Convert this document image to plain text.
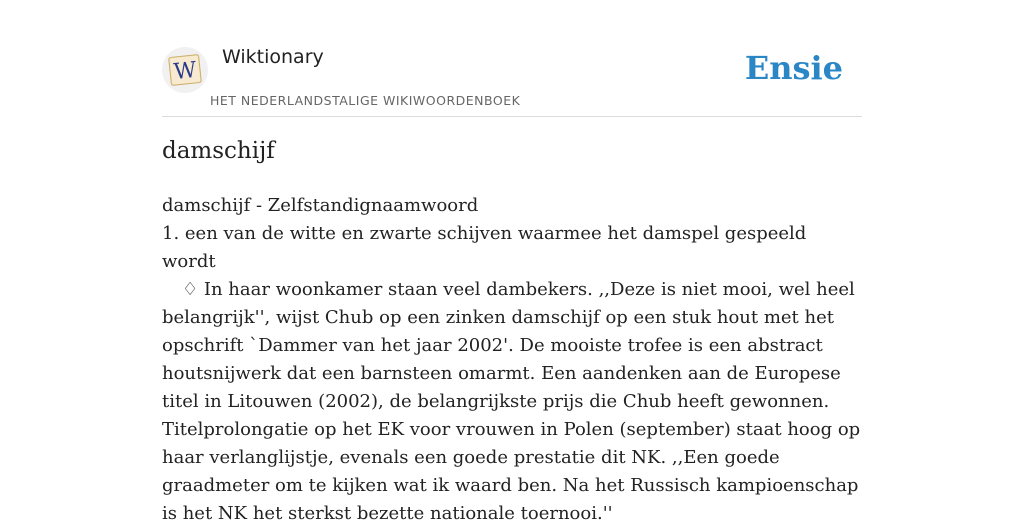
W
Wiktionary
HET NEDERLANDSTALIGE WIKIWOORDENBOEK
Ensie
damschijf

damschijf - Zelfstandignaamwoord

1. een van de witte en zwarte schijven waarmee het damspel gespeeld wordt

♢ In haar woonkamer staan veel dambekers. ,,Deze is niet mooi, wel heel belangrijk'', wijst Chub op een zinken damschijf op een stuk hout met het opschrift `Dammer van het jaar 2002'. De mooiste trofee is een abstract houtsnijwerk dat een barnsteen omarmt. Een aandenken aan de Europese titel in Litouwen (2002), de belangrijkste prijs die Chub heeft gewonnen. Titelprolongatie op het EK voor vrouwen in Polen (september) staat hoog op haar verlanglijstje, evenals een goede prestatie dit NK. ,,Een goede graadmeter om te kijken wat ik waard ben. Na het Russisch kampioenschap is het NK het sterkst bezette nationale toernooi.''
